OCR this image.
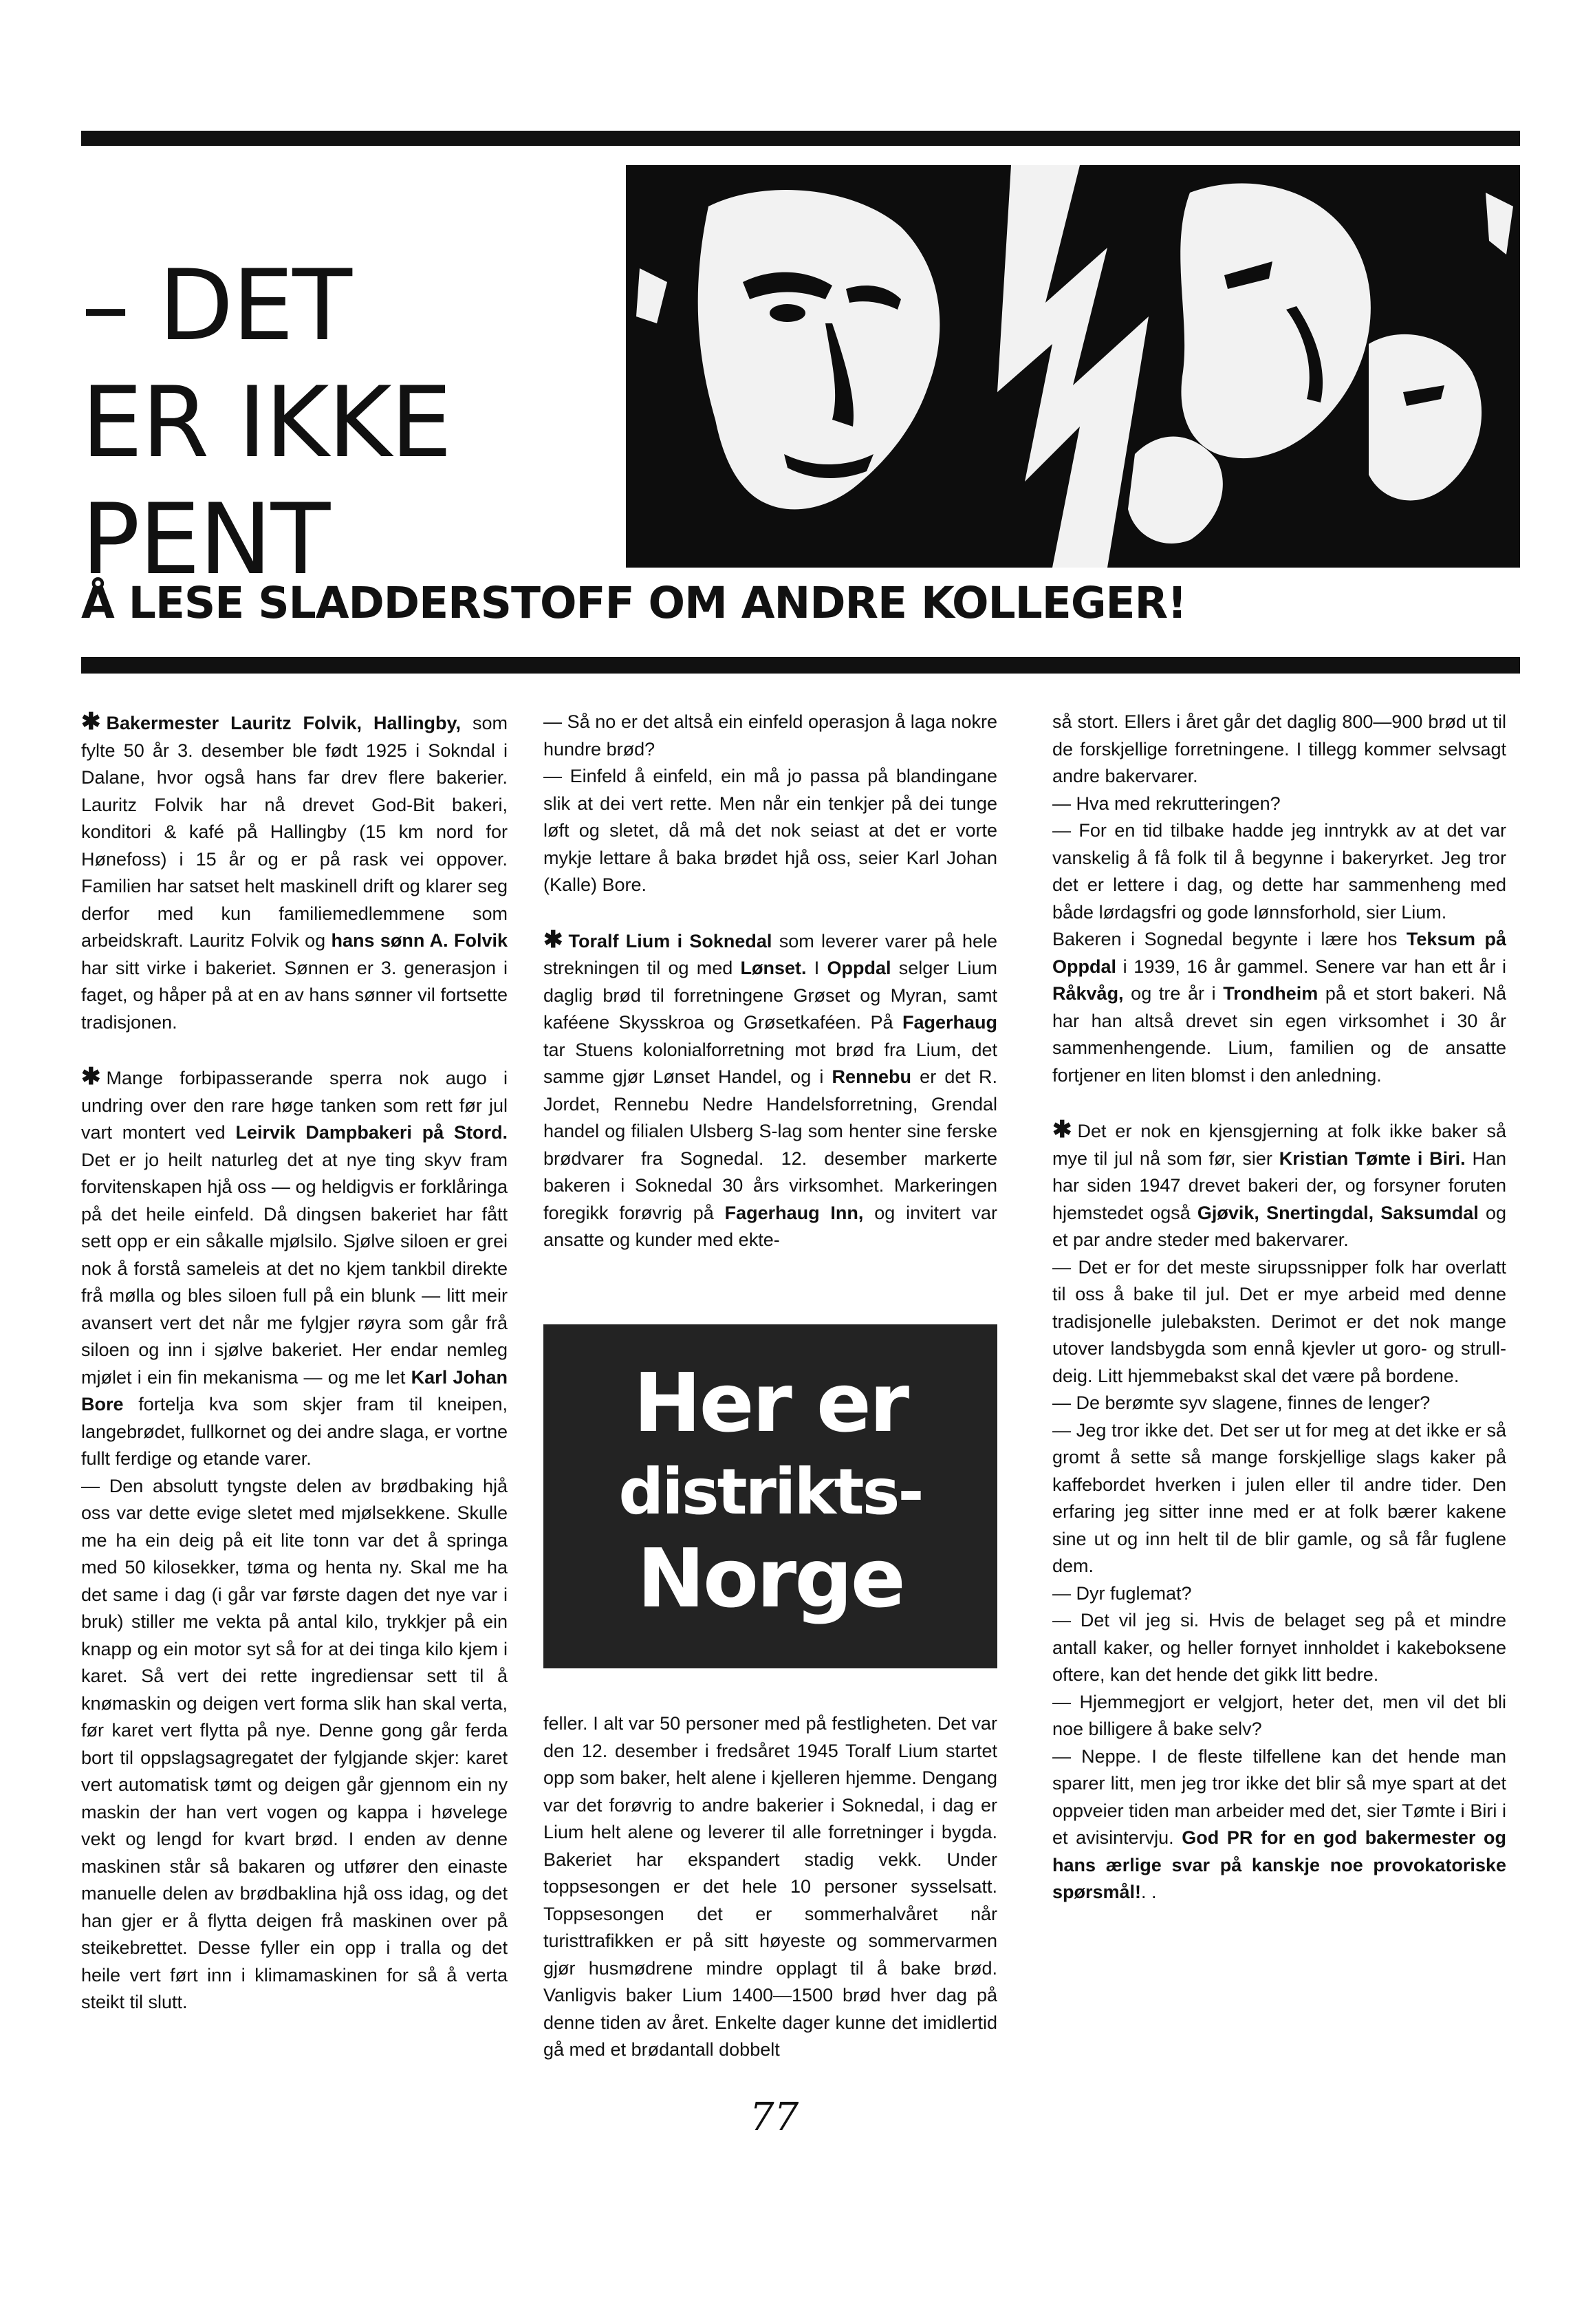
– DET
ER IKKE
PENT
Å LESE SLADDERSTOFF OM ANDRE KOLLEGER!

✱ Bakermester Lauritz Folvik, Hallingby, som fylte 50 år 3. desember ble født 1925 i Sokndal i Dalane, hvor også hans far drev flere bakerier. Lauritz Folvik har nå drevet God-Bit bakeri, konditori & kafé på Hallingby (15 km nord for Hønefoss) i 15 år og er på rask vei oppover. Familien har satset helt maskinell drift og klarer seg derfor med kun familiemedlemmene som arbeidskraft. Lauritz Folvik og hans sønn A. Folvik har sitt virke i bakeriet. Sønnen er 3. generasjon i faget, og håper på at en av hans sønner vil fortsette tradisjonen.

✱ Mange forbipasserande sperra nok augo i undring over den rare høge tanken som rett før jul vart montert ved Leirvik Dampbakeri på Stord. Det er jo heilt naturleg det at nye ting skyv fram forvitenskapen hjå oss — og heldigvis er forklåringa på det heile einfeld. Då dingsen bakeriet har fått sett opp er ein såkalle mjølsilo. Sjølve siloen er grei nok å forstå sameleis at det no kjem tankbil direkte frå mølla og bles siloen full på ein blunk — litt meir avansert vert det når me fylgjer røyra som går frå siloen og inn i sjølve bakeriet. Her endar nemleg mjølet i ein fin mekanisma — og me let Karl Johan Bore fortelja kva som skjer fram til kneipen, langebrødet, fullkornet og dei andre slaga, er vortne fullt ferdige og etande varer.

— Den absolutt tyngste delen av brødbaking hjå oss var dette evige sletet med mjølsekkene. Skulle me ha ein deig på eit lite tonn var det å springa med 50 kilosekker, tøma og henta ny. Skal me ha det same i dag (i går var første dagen det nye var i bruk) stiller me vekta på antal kilo, trykkjer på ein knapp og ein motor syt så for at dei tinga kilo kjem i karet. Så vert dei rette ingrediensar sett til å knømaskin og deigen vert forma slik han skal verta, før karet vert flytta på nye. Denne gong går ferda bort til oppslagsagregatet der fylgjande skjer: karet vert automatisk tømt og deigen går gjennom ein ny maskin der han vert vogen og kappa i høvelege vekt og lengd for kvart brød. I enden av denne maskinen står så bakaren og utfører den einaste manuelle delen av brødbaklina hjå oss idag, og det han gjer er å flytta deigen frå maskinen over på steikebrettet. Desse fyller ein opp i tralla og det heile vert ført inn i klimamaskinen for så å verta steikt til slutt.

— Så no er det altså ein einfeld operasjon å laga nokre hundre brød?

— Einfeld å einfeld, ein må jo passa på blandingane slik at dei vert rette. Men når ein tenkjer på dei tunge løft og sletet, då må det nok seiast at det er vorte mykje lettare å baka brødet hjå oss, seier Karl Johan (Kalle) Bore.

✱ Toralf Lium i Soknedal som leverer varer på hele strekningen til og med Lønset. I Oppdal selger Lium daglig brød til forretningene Grøset og Myran, samt kaféene Skysskroa og Grøsetkaféen. På Fagerhaug tar Stuens kolonialforretning mot brød fra Lium, det samme gjør Lønset Handel, og i Rennebu er det R. Jordet, Rennebu Nedre Handelsforretning, Grendal handel og filialen Ulsberg S-lag som henter sine ferske brødvarer fra Sognedal. 12. desember markerte bakeren i Soknedal 30 års virksomhet. Markeringen foregikk forøvrig på Fagerhaug Inn, og invitert var ansatte og kunder med ekte-

Her er
distrikts-
Norge

feller. I alt var 50 personer med på festligheten. Det var den 12. desember i fredsåret 1945 Toralf Lium startet opp som baker, helt alene i kjelleren hjemme. Dengang var det forøvrig to andre bakerier i Soknedal, i dag er Lium helt alene og leverer til alle forretninger i bygda. Bakeriet har ekspandert stadig vekk. Under toppsesongen er det hele 10 personer sysselsatt. Toppsesongen det er sommerhalvåret når turisttrafikken er på sitt høyeste og sommervarmen gjør husmødrene mindre opplagt til å bake brød. Vanligvis baker Lium 1400—1500 brød hver dag på denne tiden av året. Enkelte dager kunne det imidlertid gå med et brødantall dobbelt

så stort. Ellers i året går det daglig 800—900 brød ut til de forskjellige forretningene. I tillegg kommer selvsagt andre bakervarer.

— Hva med rekrutteringen?

— For en tid tilbake hadde jeg inntrykk av at det var vanskelig å få folk til å begynne i bakeryrket. Jeg tror det er lettere i dag, og dette har sammenheng med både lørdagsfri og gode lønnsforhold, sier Lium.

Bakeren i Sognedal begynte i lære hos Teksum på Oppdal i 1939, 16 år gammel. Senere var han ett år i Råkvåg, og tre år i Trondheim på et stort bakeri. Nå har han altså drevet sin egen virksomhet i 30 år sammenhengende. Lium, familien og de ansatte fortjener en liten blomst i den anledning.

✱ Det er nok en kjensgjerning at folk ikke baker så mye til jul nå som før, sier Kristian Tømte i Biri. Han har siden 1947 drevet bakeri der, og forsyner foruten hjemstedet også Gjøvik, Snertingdal, Saksumdal og et par andre steder med bakervarer.

— Det er for det meste sirupssnipper folk har overlatt til oss å bake til jul. Det er mye arbeid med denne tradisjonelle julebaksten. Derimot er det nok mange utover landsbygda som ennå kjevler ut goro- og strull-deig. Litt hjemmebakst skal det være på bordene.

— De berømte syv slagene, finnes de lenger?

— Jeg tror ikke det. Det ser ut for meg at det ikke er så gromt å sette så mange forskjellige slags kaker på kaffebordet hverken i julen eller til andre tider. Den erfaring jeg sitter inne med er at folk bærer kakene sine ut og inn helt til de blir gamle, og så får fuglene dem.

— Dyr fuglemat?

— Det vil jeg si. Hvis de belaget seg på et mindre antall kaker, og heller fornyet innholdet i kakeboksene oftere, kan det hende det gikk litt bedre.

— Hjemmegjort er velgjort, heter det, men vil det bli noe billigere å bake selv?

— Neppe. I de fleste tilfellene kan det hende man sparer litt, men jeg tror ikke det blir så mye spart at det oppveier tiden man arbeider med det, sier Tømte i Biri i et avisintervju. God PR for en god bakermester og hans ærlige svar på kanskje noe provokatoriske spørsmål!. .

77
